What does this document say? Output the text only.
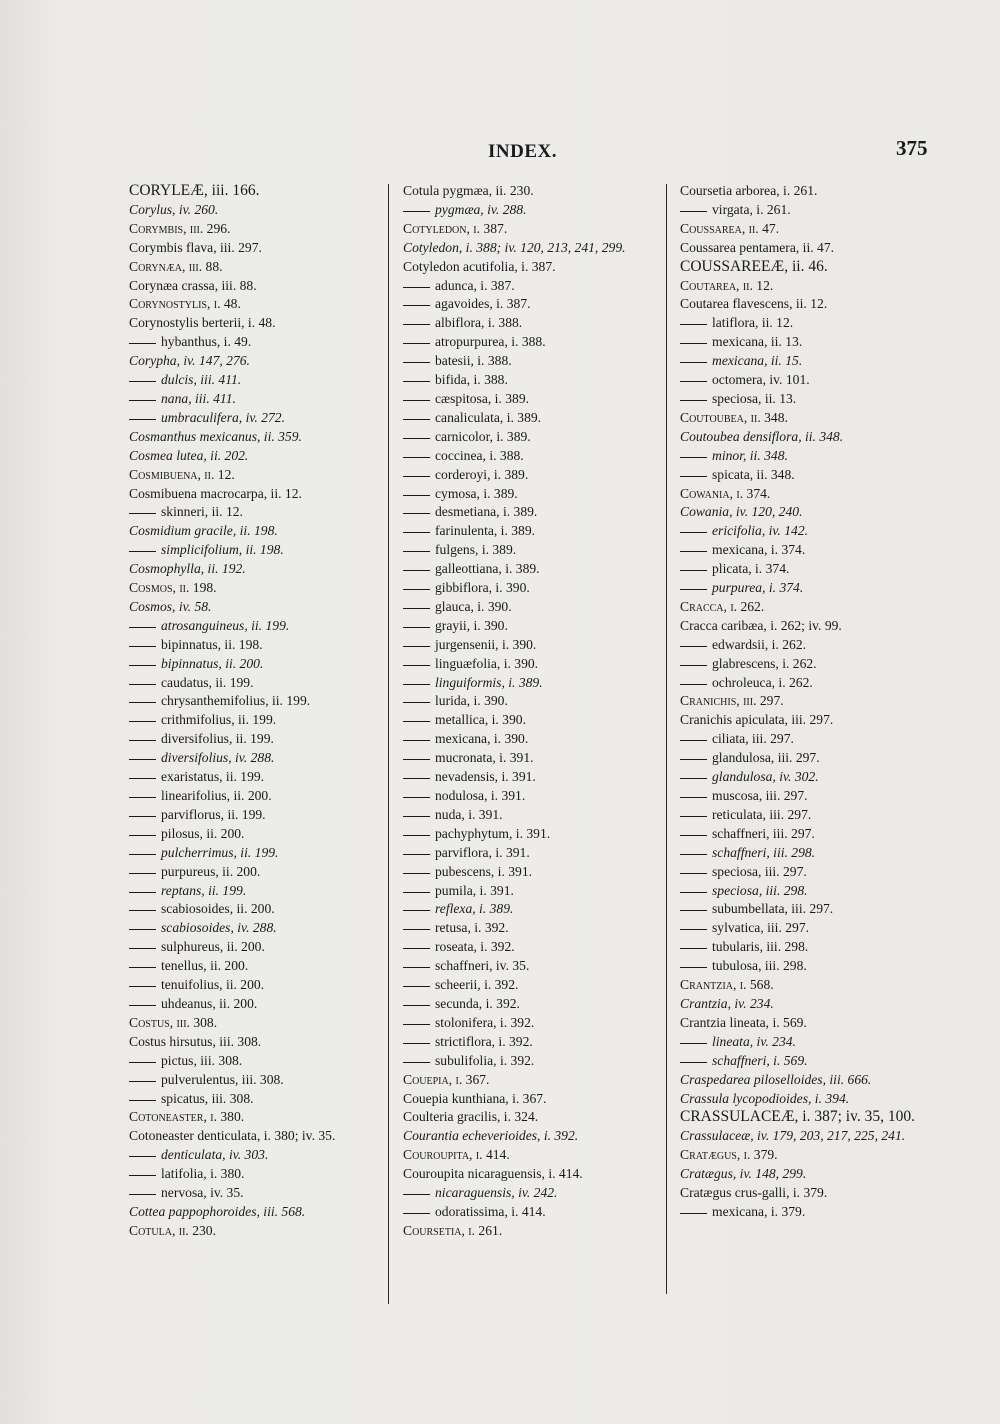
INDEX.	375
CORYLEÆ, iii. 166.
Corylus, iv. 260.
Corymbis, iii. 296.
Corymbis flava, iii. 297.
Corynæa, iii. 88.
Corynæa crassa, iii. 88.
Corynostylis, i. 48.
Corynostylis berterii, i. 48.
hybanthus, i. 49.
Corypha, iv. 147, 276.
dulcis, iii. 411.
nana, iii. 411.
umbraculifera, iv. 272.
Cosmanthus mexicanus, ii. 359.
Cosmea lutea, ii. 202.
Cosmibuena, ii. 12.
Cosmibuena macrocarpa, ii. 12.
skinneri, ii. 12.
Cosmidium gracile, ii. 198.
simplicifolium, ii. 198.
Cosmophylla, ii. 192.
Cosmos, ii. 198.
Cosmos, iv. 58.
atrosanguineus, ii. 199.
bipinnatus, ii. 198.
bipinnatus, ii. 200.
caudatus, ii. 199.
chrysanthemifolius, ii. 199.
crithmifolius, ii. 199.
diversifolius, ii. 199.
diversifolius, iv. 288.
exaristatus, ii. 199.
linearifolius, ii. 200.
parviflorus, ii. 199.
pilosus, ii. 200.
pulcherrimus, ii. 199.
purpureus, ii. 200.
reptans, ii. 199.
scabiosoides, ii. 200.
scabiosoides, iv. 288.
sulphureus, ii. 200.
tenellus, ii. 200.
tenuifolius, ii. 200.
uhdeanus, ii. 200.
Costus, iii. 308.
Costus hirsutus, iii. 308.
pictus, iii. 308.
pulverulentus, iii. 308.
spicatus, iii. 308.
Cotoneaster, i. 380.
Cotoneaster denticulata, i. 380; iv. 35.
denticulata, iv. 303.
latifolia, i. 380.
nervosa, iv. 35.
Cottea pappophoroides, iii. 568.
Cotula, ii. 230.
Cotula pygmæa, ii. 230.
pygmæa, iv. 288.
Cotyledon, i. 387.
Cotyledon, i. 388; iv. 120, 213, 241, 299.
Cotyledon acutifolia, i. 387.
adunca, i. 387.
agavoides, i. 387.
albiflora, i. 388.
atropurpurea, i. 388.
batesii, i. 388.
bifida, i. 388.
cæspitosa, i. 389.
canaliculata, i. 389.
carnicolor, i. 389.
coccinea, i. 388.
corderoyi, i. 389.
cymosa, i. 389.
desmetiana, i. 389.
farinulenta, i. 389.
fulgens, i. 389.
galleottiana, i. 389.
gibbiflora, i. 390.
glauca, i. 390.
grayii, i. 390.
jurgensenii, i. 390.
linguæfolia, i. 390.
linguiformis, i. 389.
lurida, i. 390.
metallica, i. 390.
mexicana, i. 390.
mucronata, i. 391.
nevadensis, i. 391.
nodulosa, i. 391.
nuda, i. 391.
pachyphytum, i. 391.
parviflora, i. 391.
pubescens, i. 391.
pumila, i. 391.
reflexa, i. 389.
retusa, i. 392.
roseata, i. 392.
schaffneri, iv. 35.
scheerii, i. 392.
secunda, i. 392.
stolonifera, i. 392.
strictiflora, i. 392.
subulifolia, i. 392.
Couepia, i. 367.
Couepia kunthiana, i. 367.
Coulteria gracilis, i. 324.
Courantia echeverioides, i. 392.
Couroupita, i. 414.
Couroupita nicaraguensis, i. 414.
nicaraguensis, iv. 242.
odoratissima, i. 414.
Coursetia, i. 261.
Coursetia arborea, i. 261.
virgata, i. 261.
Coussarea, ii. 47.
Coussarea pentamera, ii. 47.
COUSSAREEÆ, ii. 46.
Coutarea, ii. 12.
Coutarea flavescens, ii. 12.
latiflora, ii. 12.
mexicana, ii. 13.
mexicana, ii. 15.
octomera, iv. 101.
speciosa, ii. 13.
Coutoubea, ii. 348.
Coutoubea densiflora, ii. 348.
minor, ii. 348.
spicata, ii. 348.
Cowania, i. 374.
Cowania, iv. 120, 240.
ericifolia, iv. 142.
mexicana, i. 374.
plicata, i. 374.
purpurea, i. 374.
Cracca, i. 262.
Cracca caribæa, i. 262; iv. 99.
edwardsii, i. 262.
glabrescens, i. 262.
ochroleuca, i. 262.
Cranichis, iii. 297.
Cranichis apiculata, iii. 297.
ciliata, iii. 297.
glandulosa, iii. 297.
glandulosa, iv. 302.
muscosa, iii. 297.
reticulata, iii. 297.
schaffneri, iii. 297.
schaffneri, iii. 298.
speciosa, iii. 297.
speciosa, iii. 298.
subumbellata, iii. 297.
sylvatica, iii. 297.
tubularis, iii. 298.
tubulosa, iii. 298.
Crantzia, i. 568.
Crantzia, iv. 234.
Crantzia lineata, i. 569.
lineata, iv. 234.
schaffneri, i. 569.
Craspedarea piloselloides, iii. 666.
Crassula lycopodioides, i. 394.
CRASSULACEÆ, i. 387; iv. 35, 100.
Crassulaceæ, iv. 179, 203, 217, 225, 241.
Cratægus, i. 379.
Cratægus, iv. 148, 299.
Cratægus crus-galli, i. 379.
mexicana, i. 379.
